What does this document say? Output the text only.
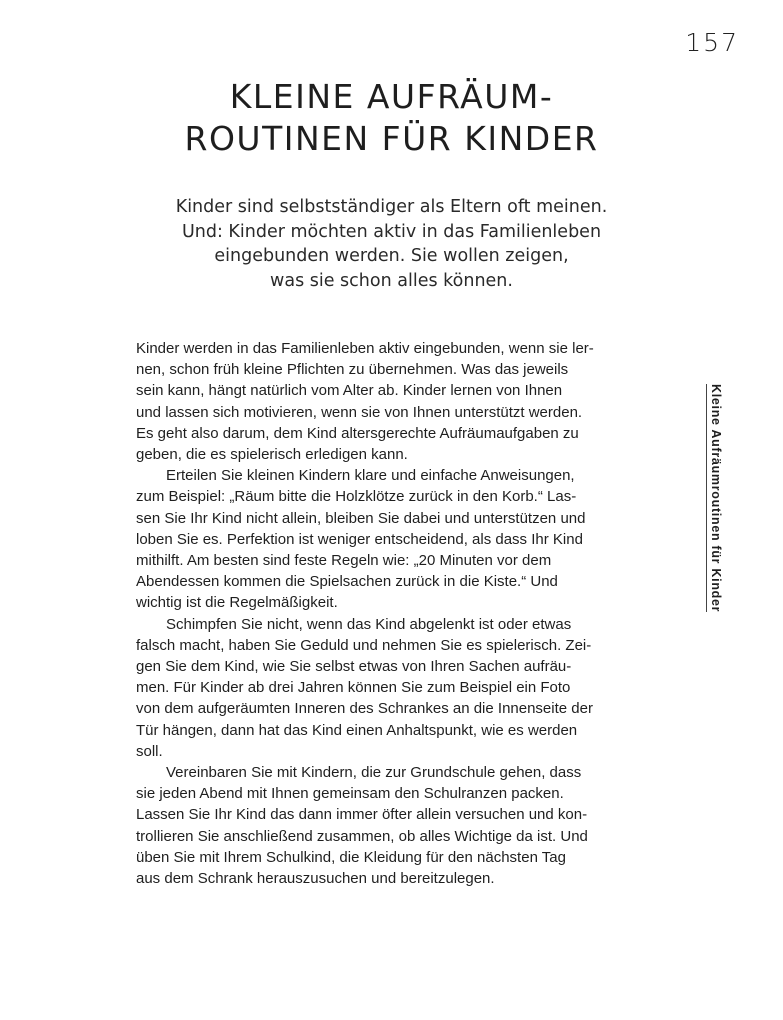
157
KLEINE AUFRÄUM-
ROUTINEN FÜR KINDER
Kinder sind selbstständiger als Eltern oft meinen.
Und: Kinder möchten aktiv in das Familienleben
eingebunden werden. Sie wollen zeigen,
was sie schon alles können.

Kinder werden in das Familienleben aktiv eingebunden, wenn sie ler-
nen, schon früh kleine Pflichten zu übernehmen. Was das jeweils
sein kann, hängt natürlich vom Alter ab. Kinder lernen von Ihnen
und lassen sich motivieren, wenn sie von Ihnen unterstützt werden.
Es geht also darum, dem Kind altersgerechte Aufräumaufgaben zu
geben, die es spielerisch erledigen kann.

Erteilen Sie kleinen Kindern klare und einfache Anweisungen,
zum Beispiel: „Räum bitte die Holzklötze zurück in den Korb.“ Las-
sen Sie Ihr Kind nicht allein, bleiben Sie dabei und unterstützen und
loben Sie es. Perfektion ist weniger entscheidend, als dass Ihr Kind
mithilft. Am besten sind feste Regeln wie: „20 Minuten vor dem
Abendessen kommen die Spielsachen zurück in die Kiste.“ Und
wichtig ist die Regelmäßigkeit.

Schimpfen Sie nicht, wenn das Kind abgelenkt ist oder etwas
falsch macht, haben Sie Geduld und nehmen Sie es spielerisch. Zei-
gen Sie dem Kind, wie Sie selbst etwas von Ihren Sachen aufräu-
men. Für Kinder ab drei Jahren können Sie zum Beispiel ein Foto
von dem aufgeräumten Inneren des Schrankes an die Innenseite der
Tür hängen, dann hat das Kind einen Anhaltspunkt, wie es werden
soll.

Vereinbaren Sie mit Kindern, die zur Grundschule gehen, dass
sie jeden Abend mit Ihnen gemeinsam den Schulranzen packen.
Lassen Sie Ihr Kind das dann immer öfter allein versuchen und kon-
trollieren Sie anschließend zusammen, ob alles Wichtige da ist. Und
üben Sie mit Ihrem Schulkind, die Kleidung für den nächsten Tag
aus dem Schrank herauszusuchen und bereitzulegen.

Kleine Aufräumroutinen für Kinder
